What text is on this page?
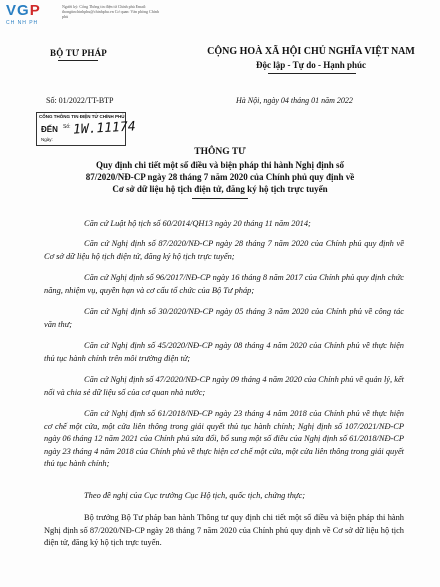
VGP
CH NH PH
Người ký: Cổng Thông tin điện tử Chính phủ Email: thongtinchinhphu@chinhphu.vn Cơ quan: Văn phòng Chính phủ
BỘ TƯ PHÁP	CỘNG HOÀ XÃ HỘI CHỦ NGHĨA VIỆT NAM
Độc lập - Tự do - Hạnh phúc
Số: 01/2022/TT-BTP	Hà Nội, ngày 04 tháng 01 năm 2022
CỔNG THÔNG TIN ĐIỆN TỬ CHÍNH PHỦ
ĐẾN Số: 1W.11174
Ngày:
THÔNG TƯ
Quy định chi tiết một số điều và biện pháp thi hành Nghị định số
87/2020/NĐ-CP ngày 28 tháng 7 năm 2020 của Chính phủ quy định về
Cơ sở dữ liệu hộ tịch điện tử, đăng ký hộ tịch trực tuyến
Căn cứ Luật hộ tịch số 60/2014/QH13 ngày 20 tháng 11 năm 2014;
Căn cứ Nghị định số 87/2020/NĐ-CP ngày 28 tháng 7 năm 2020 của Chính phủ quy định về Cơ sở dữ liệu hộ tịch điện tử, đăng ký hộ tịch trực tuyến;
Căn cứ Nghị định số 96/2017/NĐ-CP ngày 16 tháng 8 năm 2017 của Chính phủ quy định chức năng, nhiệm vụ, quyền hạn và cơ cấu tổ chức của Bộ Tư pháp;
Căn cứ Nghị định số 30/2020/NĐ-CP ngày 05 tháng 3 năm 2020 của Chính phủ về công tác văn thư;
Căn cứ Nghị định số 45/2020/NĐ-CP ngày 08 tháng 4 năm 2020 của Chính phủ về thực hiện thủ tục hành chính trên môi trường điện tử;
Căn cứ Nghị định số 47/2020/NĐ-CP ngày 09 tháng 4 năm 2020 của Chính phủ về quản lý, kết nối và chia sẻ dữ liệu số của cơ quan nhà nước;
Căn cứ Nghị định số 61/2018/NĐ-CP ngày 23 tháng 4 năm 2018 của Chính phủ về thực hiện cơ chế một cửa, một cửa liên thông trong giải quyết thủ tục hành chính; Nghị định số 107/2021/NĐ-CP ngày 06 tháng 12 năm 2021 của Chính phủ sửa đổi, bổ sung một số điều của Nghị định số 61/2018/NĐ-CP ngày 23 tháng 4 năm 2018 của Chính phủ về thực hiện cơ chế một cửa, một cửa liên thông trong giải quyết thủ tục hành chính;
Theo đề nghị của Cục trưởng Cục Hộ tịch, quốc tịch, chứng thực;
Bộ trưởng Bộ Tư pháp ban hành Thông tư quy định chi tiết một số điều và biện pháp thi hành Nghị định số 87/2020/NĐ-CP ngày 28 tháng 7 năm 2020 của Chính phủ quy định về Cơ sở dữ liệu hộ tịch điện tử, đăng ký hộ tịch trực tuyến.
